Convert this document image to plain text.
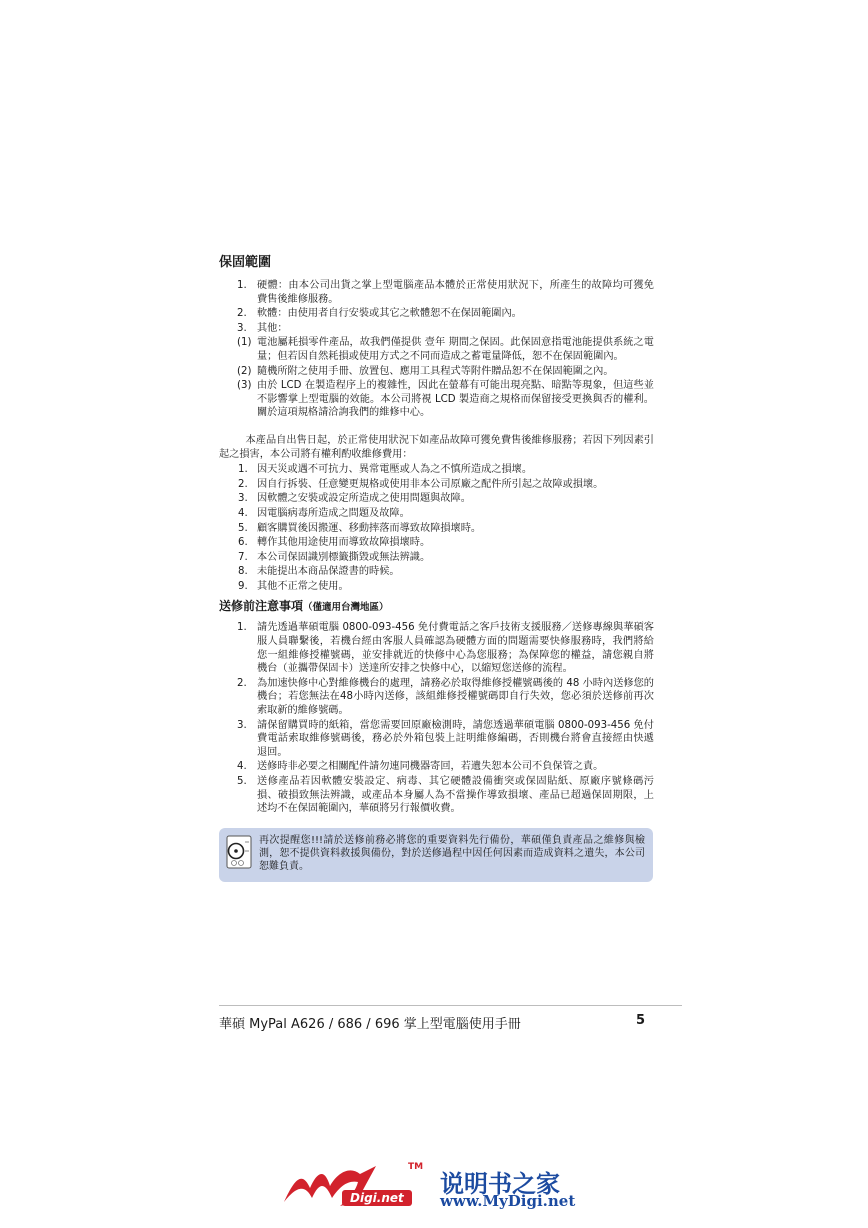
保固範圍
1.	硬體：由本公司出貨之掌上型電腦產品本體於正常使用狀況下，所產生的故障均可獲免費售後維修服務。
2.	軟體：由使用者自行安裝或其它之軟體恕不在保固範圍內。
3.	其他：
(1) 電池屬耗損零件產品，故我們僅提供 壹年 期間之保固。此保固意指電池能提供系統之電量；但若因自然耗損或使用方式之不同而造成之蓄電量降低，恕不在保固範圍內。
(2) 隨機所附之使用手冊、放置包、應用工具程式等附件贈品恕不在保固範圍之內。
(3) 由於 LCD 在製造程序上的複雜性，因此在螢幕有可能出現亮點、暗點等現象，但這些並不影響掌上型電腦的效能。本公司將視 LCD 製造商之規格而保留接受更換與否的權利。關於這項規格請洽詢我們的維修中心。
本產品自出售日起，於正常使用狀況下如產品故障可獲免費售後維修服務；若因下列因素引起之損害，本公司將有權利酌收維修費用：
1. 因天災或遇不可抗力、異常電壓或人為之不慎所造成之損壞。
2. 因自行拆裝、任意變更規格或使用非本公司原廠之配件所引起之故障或損壞。
3. 因軟體之安裝或設定所造成之使用問題與故障。
4. 因電腦病毒所造成之問題及故障。
5. 顧客購買後因搬運、移動摔落而導致故障損壞時。
6. 轉作其他用途使用而導致故障損壞時。
7. 本公司保固識別標籤撕毀或無法辨識。
8. 未能提出本商品保證書的時候。
9. 其他不正常之使用。
送修前注意事項（僅適用台灣地區）
1.	請先透過華碩電腦 0800-093-456 免付費電話之客戶技術支援服務／送修專線與華碩客服人員聯繫後，若機台經由客服人員確認為硬體方面的問題需要快修服務時，我們將給您一組維修授權號碼，並安排就近的快修中心為您服務；為保障您的權益，請您親自將機台（並攜帶保固卡）送達所安排之快修中心，以縮短您送修的流程。
2.	為加速快修中心對維修機台的處理，請務必於取得維修授權號碼後的 48 小時內送修您的機台；若您無法在48小時內送修，該組維修授權號碼即自行失效，您必須於送修前再次索取新的維修號碼。
3.	請保留購買時的紙箱，當您需要回原廠檢測時，請您透過華碩電腦 0800-093-456 免付費電話索取維修號碼後，務必於外箱包裝上註明維修編碼，否則機台將會直接經由快遞退回。
4.	送修時非必要之相關配件請勿連同機器寄回，若遺失恕本公司不負保管之責。
5.	送修產品若因軟體安裝設定、病毒、其它硬體設備衝突或保固貼紙、原廠序號條碼污損、破損致無法辨識，或產品本身屬人為不當操作導致損壞、產品已超過保固期限，上述均不在保固範圍內，華碩將另行報價收費。
再次提醒您!!!請於送修前務必將您的重要資料先行備份，華碩僅負責產品之維修與檢測，恕不提供資料救援與備份，對於送修過程中因任何因素而造成資料之遺失，本公司恕難負責。
華碩 MyPal A626 / 686 / 696 掌上型電腦使用手冊	5
TM
Digi.net 说明书之家
www.MyDigi.net
